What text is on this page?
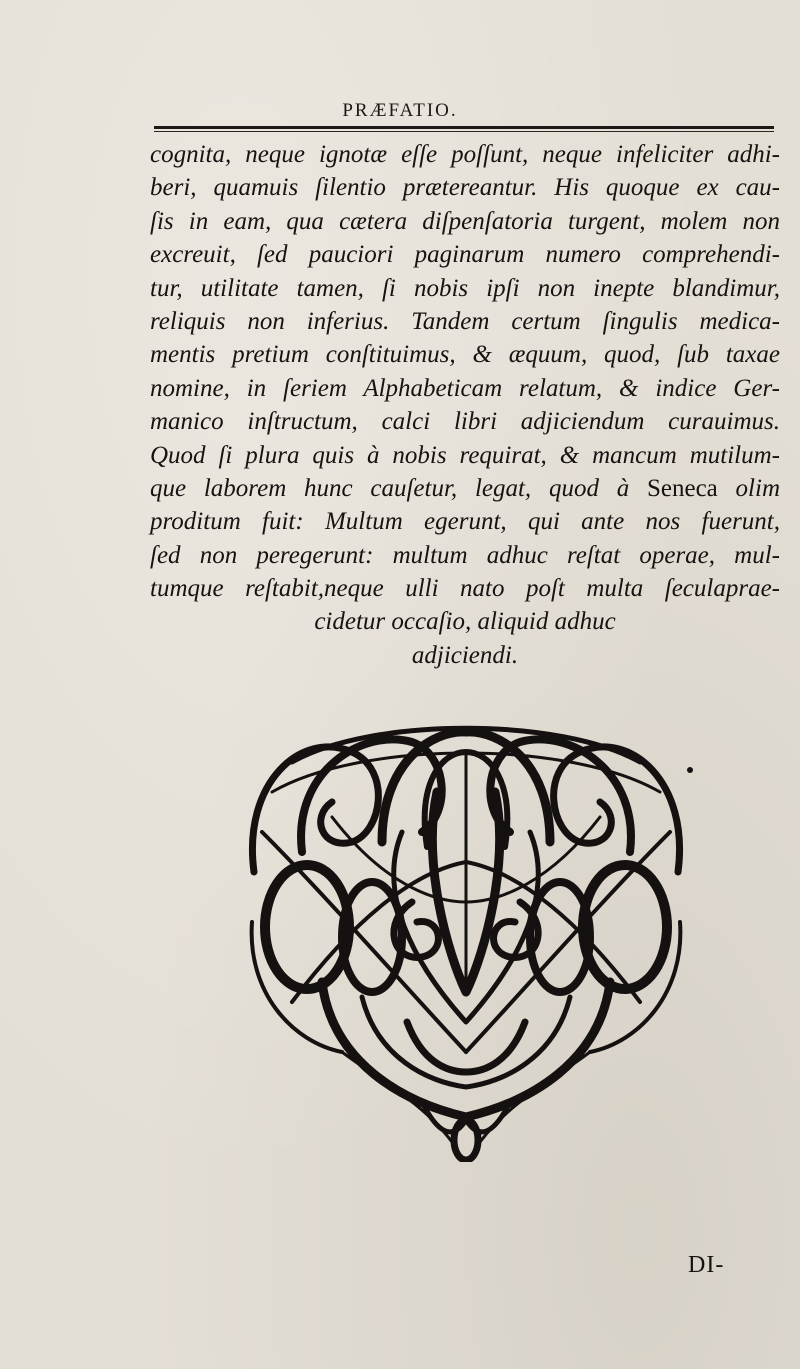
PRÆFATIO.
cognita, neque ignotæ eſſe poſſunt, neque infeliciter adhi-
beri, quamuis ſilentio prætereantur. His quoque ex cau-
ſis in eam, qua cætera diſpenſatoria turgent, molem non
excreuit, ſed pauciori paginarum numero comprehendi-
tur, utilitate tamen, ſi nobis ipſi non inepte blandimur,
reliquis non inferius. Tandem certum ſingulis medica-
mentis pretium conſtituimus, & æquum, quod, ſub taxae
nomine, in ſeriem Alphabeticam relatum, & indice Ger-
manico inſtructum, calci libri adjiciendum curauimus.
Quod ſi plura quis à nobis requirat, & mancum mutilum-
que laborem hunc cauſetur, legat, quod à Seneca olim
proditum fuit: Multum egerunt, qui ante nos fuerunt,
ſed non peregerunt: multum adhuc reſtat operae, mul-
tumque reſtabit,neque ulli nato poſt multa ſeculaprae-
cidetur occaſio, aliquid adhuc
adjiciendi.
DI-
